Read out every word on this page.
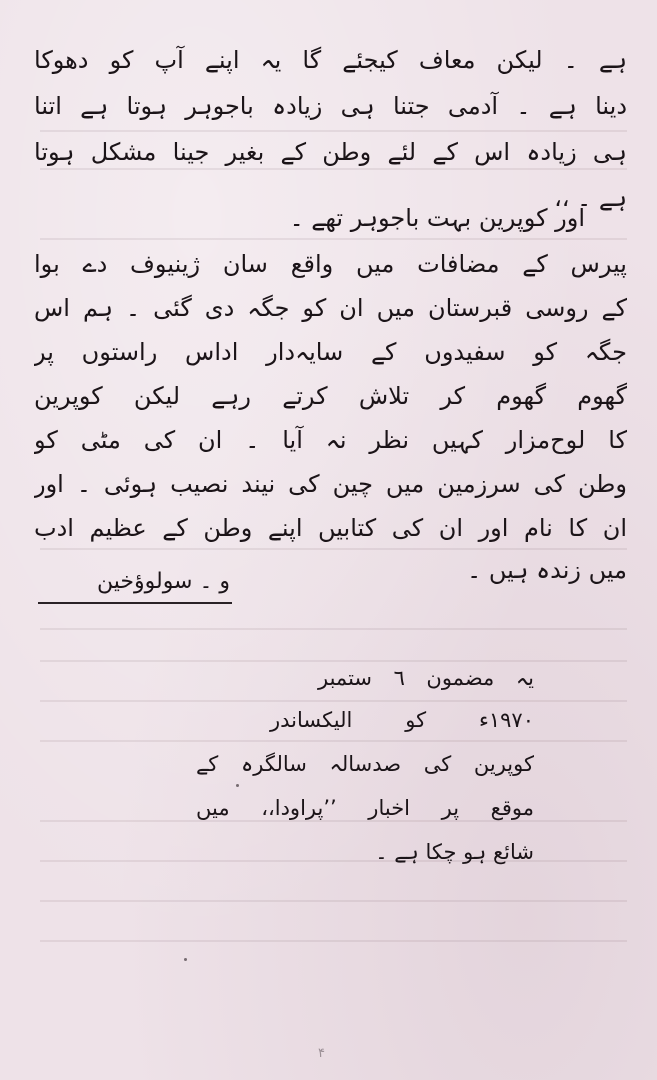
ہے ۔ لیکن معاف کیجئے گا یہ اپنے آپ کو دھوکا
دینا ہے ۔ آدمی جتنا ہی زیادہ باجوہر ہوتا ہے اتنا
ہی زیادہ اس کے لئے وطن کے بغیر جینا مشکل ہوتا
ہے ۔ ،،
اور کوپرین بہت باجوہر تھے ۔
پیرس کے مضافات میں واقع سان ژینیوف دے بوا
کے روسی قبرستان میں ان کو جگہ دی گئی ۔ ہم اس
جگہ کو سفیدوں کے سایہ‌دار اداس راستوں پر
گھوم گھوم کر تلاش کرتے رہے لیکن کوپرین
کا لوح‌مزار کہیں نظر نہ آیا ۔ ان کی مٹی کو
وطن کی سرزمین میں چین کی نیند نصیب ہوئی ۔ اور
ان کا نام اور ان کی کتابیں اپنے وطن کے عظیم ادب
میں زندہ ہیں ۔
و ۔ سولوؤخین
یہ مضمون ٦ ستمبر
١٩٧٠ء کو الیکساندر
کوپرین کی صدسالہ سالگرہ کے
موقع پر اخبار ’’پراودا،، میں
شائع ہو چکا ہے ۔
۴
